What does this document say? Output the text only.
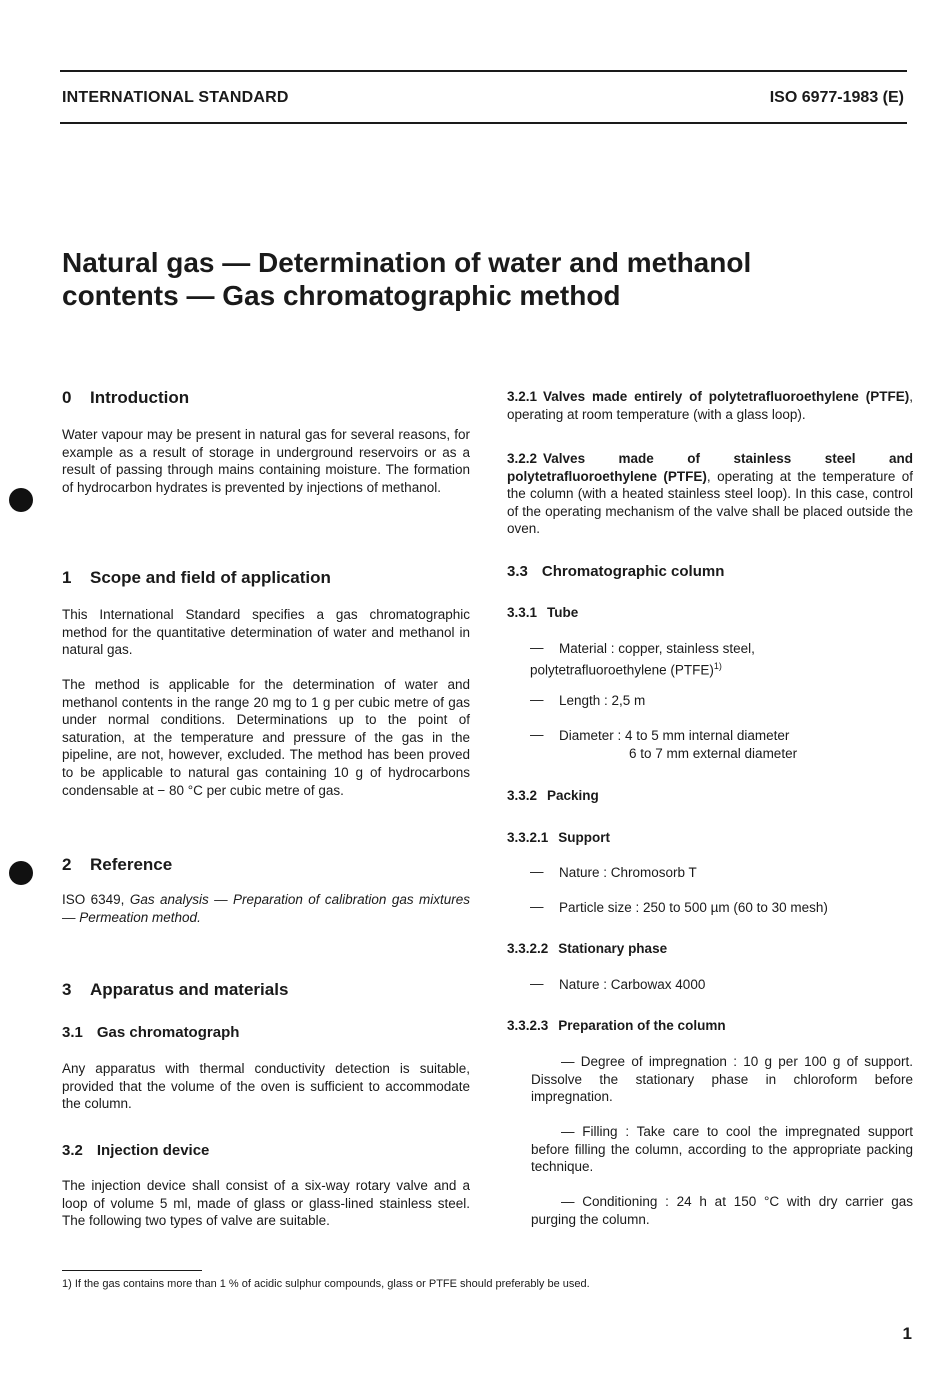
INTERNATIONAL STANDARD	ISO 6977-1983 (E)
Natural gas — Determination of water and methanol
contents — Gas chromatographic method
0 Introduction

Water vapour may be present in natural gas for several reasons, for example as a result of storage in underground reservoirs or as a result of passing through mains containing moisture. The formation of hydrocarbon hydrates is prevented by injections of methanol.

1 Scope and field of application

This International Standard specifies a gas chromatographic method for the quantitative determination of water and methanol in natural gas.

The method is applicable for the determination of water and methanol contents in the range 20 mg to 1 g per cubic metre of gas under normal conditions. Determinations up to the point of saturation, at the temperature and pressure of the gas in the pipeline, are not, however, excluded. The method has been proved to be applicable to natural gas containing 10 g of hydrocarbons condensable at − 80 °C per cubic metre of gas.

2 Reference

ISO 6349, Gas analysis — Preparation of calibration gas mixtures — Permeation method.

3 Apparatus and materials
3.1 Gas chromatograph

Any apparatus with thermal conductivity detection is suitable, provided that the volume of the oven is sufficient to accommodate the column.

3.2 Injection device

The injection device shall consist of a six-way rotary valve and a loop of volume 5 ml, made of glass or glass-lined stainless steel. The following two types of valve are suitable.

3.2.1 Valves made entirely of polytetrafluoroethylene (PTFE), operating at room temperature (with a glass loop).

3.2.2 Valves made of stainless steel and polytetrafluoroethylene (PTFE), operating at the temperature of the column (with a heated stainless steel loop). In this case, control of the operating mechanism of the valve shall be placed outside the oven.

3.3 Chromatographic column
3.3.1 Tube
— Material : copper, stainless steel,
polytetrafluoroethylene (PTFE)$^{1)}$
— Length : 2,5 m
— Diameter : 4 to 5 mm internal diameter
6 to 7 mm external diameter
3.3.2 Packing
3.3.2.1 Support
— Nature : Chromosorb T
— Particle size : 250 to 500 µm (60 to 30 mesh)
3.3.2.2 Stationary phase
— Nature : Carbowax 4000
3.3.2.3 Preparation of the column

— Degree of impregnation : 10 g per 100 g of support. Dissolve the stationary phase in chloroform before impregnation.

— Filling : Take care to cool the impregnated support before filling the column, according to the appropriate packing technique.

— Conditioning : 24 h at 150 °C with dry carrier gas purging the column.

1) If the gas contains more than 1 % of acidic sulphur compounds, glass or PTFE should preferably be used.
1
